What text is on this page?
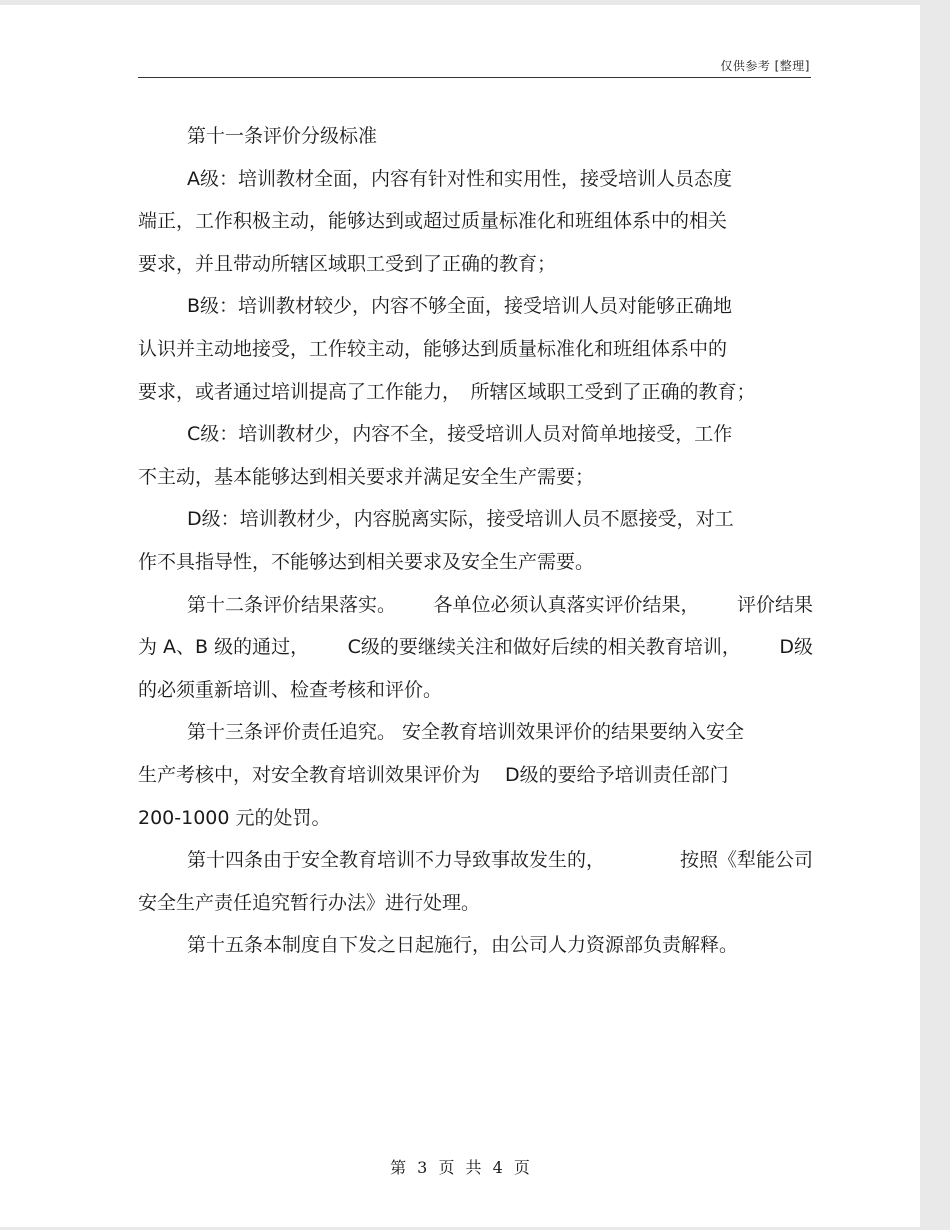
仅供参考 [整理]
第十一条评价分级标准
A级：培训教材全面，内容有针对性和实用性，接受培训人员态度
端正，工作积极主动，能够达到或超过质量标准化和班组体系中的相关
要求，并且带动所辖区域职工受到了正确的教育；
B级：培训教材较少，内容不够全面，接受培训人员对能够正确地
认识并主动地接受，工作较主动，能够达到质量标准化和班组体系中的
要求，或者通过培训提高了工作能力，　所辖区域职工受到了正确的教育；
C级：培训教材少，内容不全，接受培训人员对简单地接受，工作
不主动，基本能够达到相关要求并满足安全生产需要；
D级：培训教材少，内容脱离实际，接受培训人员不愿接受，对工
作不具指导性，不能够达到相关要求及安全生产需要。
第十二条评价结果落实。 各单位必须认真落实评价结果， 评价结果
为 A、B 级的通过， C级的要继续关注和做好后续的相关教育培训， D级
的必须重新培训、检查考核和评价。
第十三条评价责任追究。 安全教育培训效果评价的结果要纳入安全
生产考核中，对安全教育培训效果评价为　 D级的要给予培训责任部门
200-1000 元的处罚。
第十四条由于安全教育培训不力导致事故发生的，	按照《犁能公司
安全生产责任追究暂行办法》进行处理。
第十五条本制度自下发之日起施行，由公司人力资源部负责解释。
第 3 页 共 4 页
